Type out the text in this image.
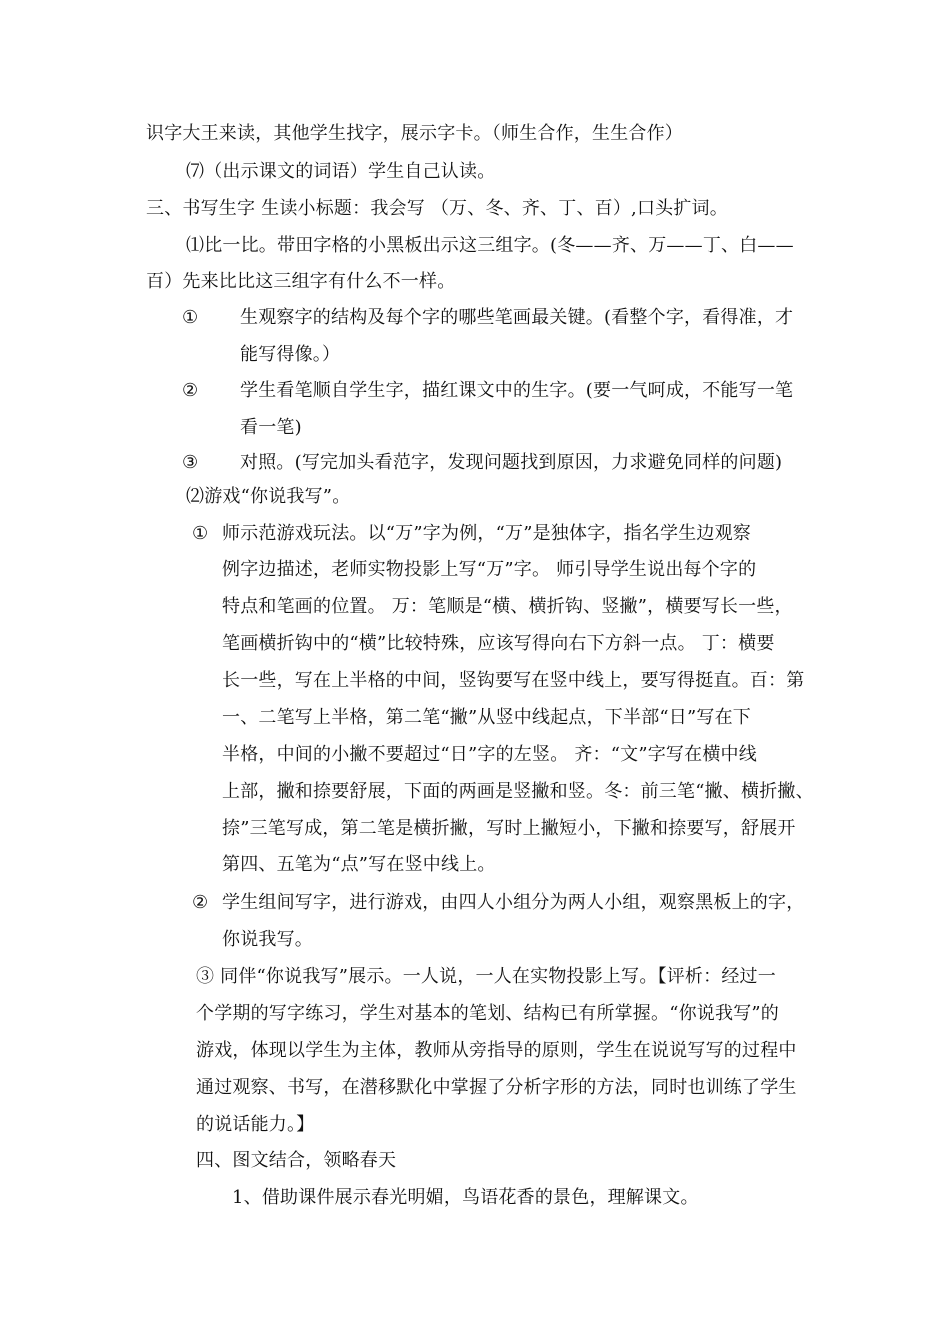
识字大王来读，其他学生找字，展示字卡。（师生合作，生生合作）
⑺（出示课文的词语）学生自己认读。
三、书写生字 生读小标题：我会写 （万、冬、齐、丁、百）,口头扩词。
⑴比一比。带田字格的小黑板出示这三组字。(冬——齐、万——丁、白——
百）先来比比这三组字有什么不一样。
① 生观察字的结构及每个字的哪些笔画最关键。(看整个字，看得准，才
能写得像。）
② 学生看笔顺自学生字，描红课文中的生字。(要一气呵成，不能写一笔
看一笔)
③ 对照。(写完加头看范字，发现问题找到原因，力求避免同样的问题)
⑵游戏“你说我写”。
① 师示范游戏玩法。以“万”字为例，“万”是独体字，指名学生边观察
例字边描述，老师实物投影上写“万”字。 师引导学生说出每个字的
特点和笔画的位置。 万：笔顺是“横、横折钩、竖撇”，横要写长一些，
笔画横折钩中的“横”比较特殊，应该写得向右下方斜一点。 丁：横要
长一些，写在上半格的中间，竖钩要写在竖中线上，要写得挺直。百：第
一、二笔写上半格，第二笔“撇”从竖中线起点，下半部“日”写在下
半格，中间的小撇不要超过“日”字的左竖。 齐：“文”字写在横中线
上部，撇和捺要舒展，下面的两画是竖撇和竖。冬：前三笔“撇、横折撇、
捺”三笔写成，第二笔是横折撇，写时上撇短小，下撇和捺要写，舒展开
第四、五笔为“点”写在竖中线上。
② 学生组间写字，进行游戏，由四人小组分为两人小组，观察黑板上的字，
你说我写。
③ 同伴“你说我写”展示。一人说，一人在实物投影上写。【评析：经过一
个学期的写字练习，学生对基本的笔划、结构已有所掌握。“你说我写”的
游戏，体现以学生为主体，教师从旁指导的原则，学生在说说写写的过程中
通过观察、书写，在潜移默化中掌握了分析字形的方法，同时也训练了学生
的说话能力。】
四、图文结合，领略春天
1、借助课件展示春光明媚，鸟语花香的景色，理解课文。
